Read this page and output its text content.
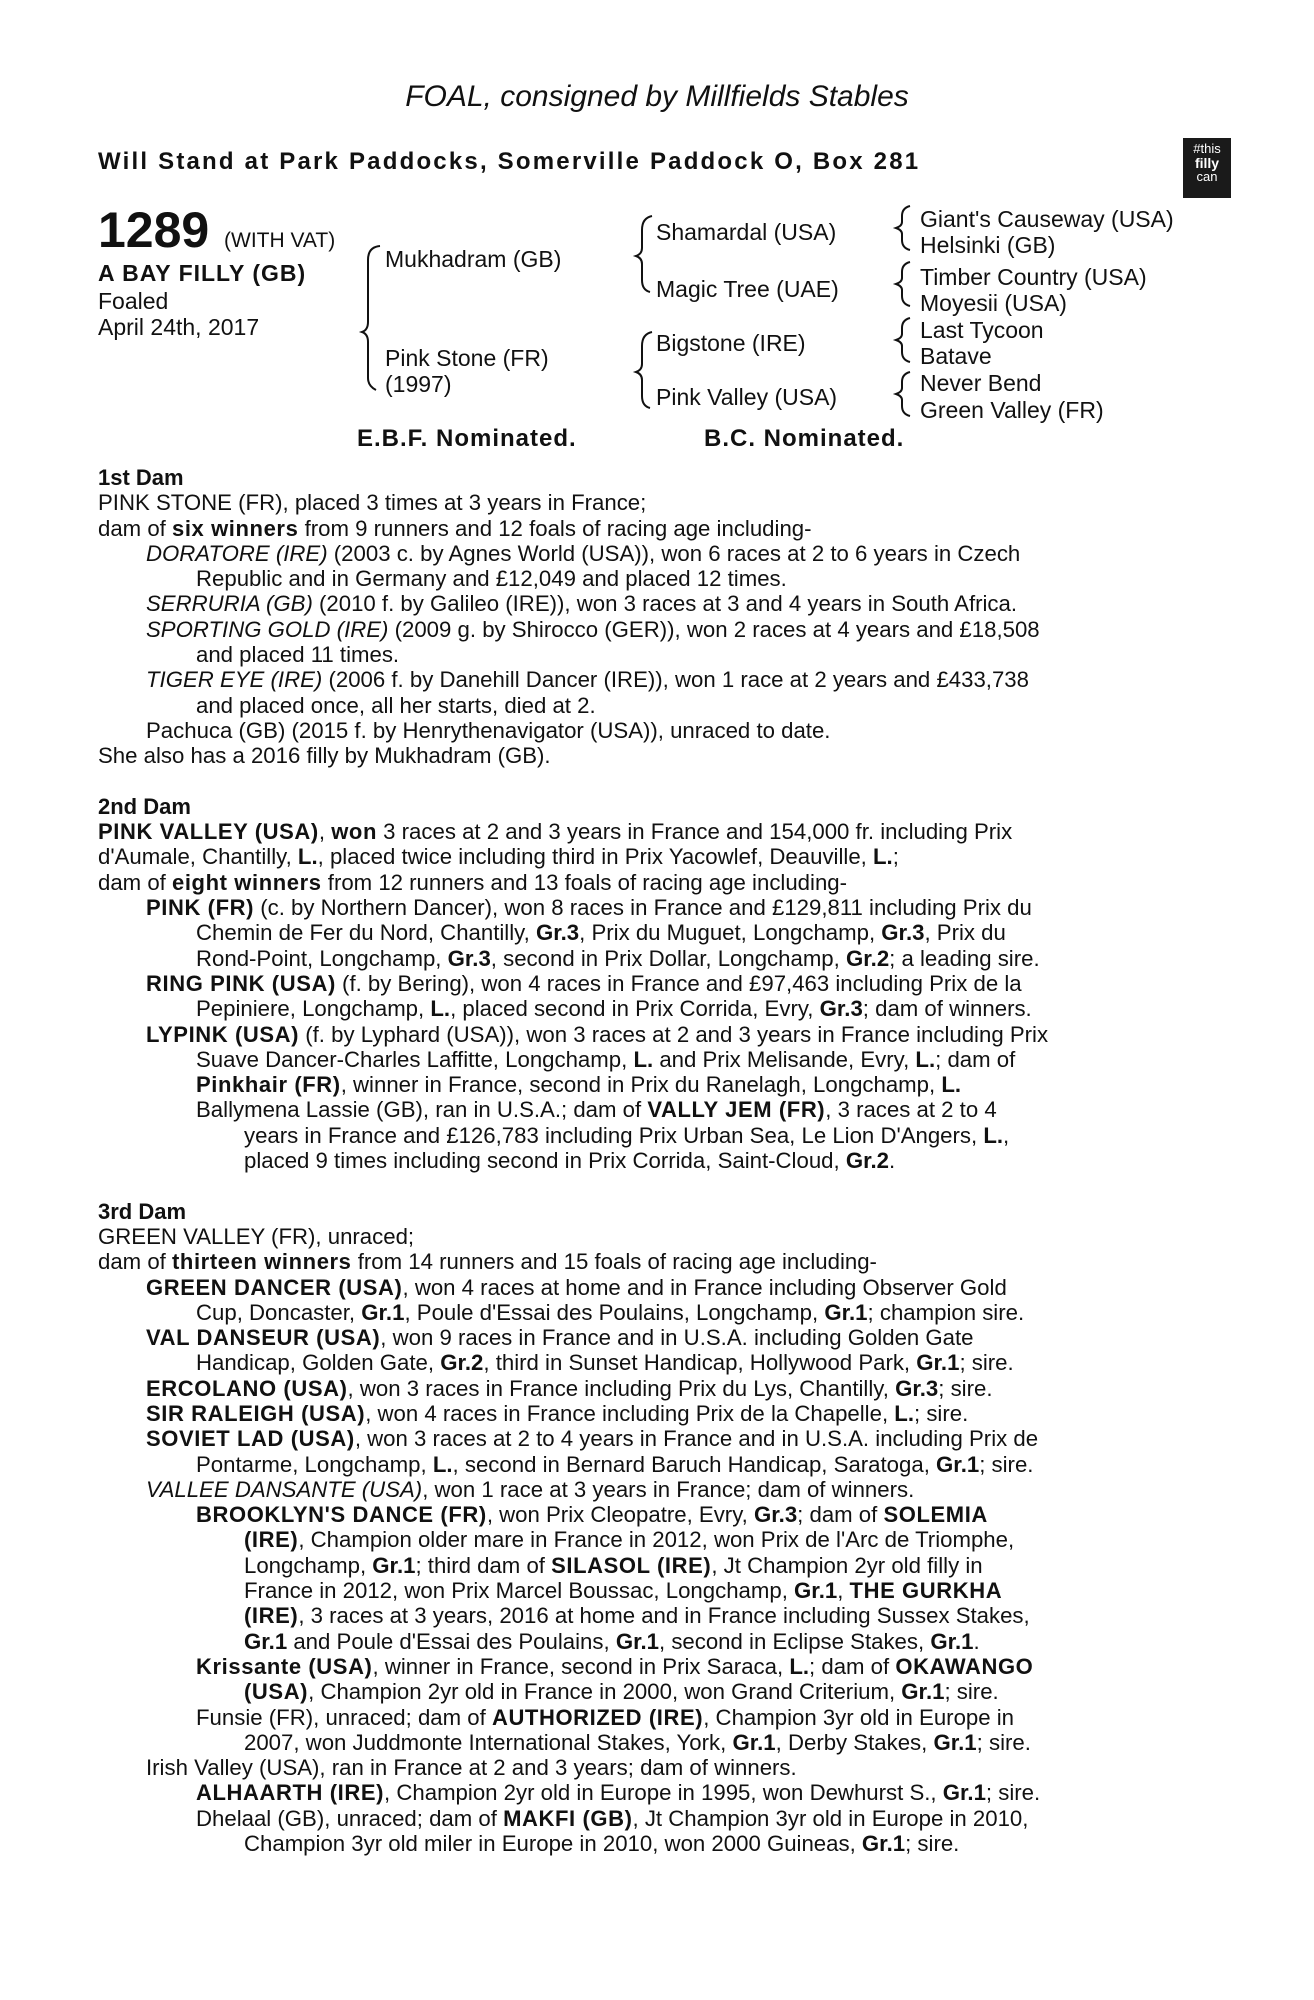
FOAL, consigned by Millfields Stables
Will Stand at Park Paddocks, Somerville Paddock O, Box 281	#this
filly
can
1289 (WITH VAT)
A BAY FILLY (GB)
Foaled
April 24th, 2017
Mukhadram (GB)
Pink Stone (FR)
(1997)
Shamardal (USA)
Magic Tree (UAE)
Bigstone (IRE)
Pink Valley (USA)
Giant's Causeway (USA)
Helsinki (GB)
Timber Country (USA)
Moyesii (USA)
Last Tycoon
Batave
Never Bend
Green Valley (FR)
E.B.F. Nominated.	B.C. Nominated.
1st Dam
PINK STONE (FR), placed 3 times at 3 years in France;
dam of six winners from 9 runners and 12 foals of racing age including-
DORATORE (IRE) (2003 c. by Agnes World (USA)), won 6 races at 2 to 6 years in Czech
Republic and in Germany and £12,049 and placed 12 times.
SERRURIA (GB) (2010 f. by Galileo (IRE)), won 3 races at 3 and 4 years in South Africa.
SPORTING GOLD (IRE) (2009 g. by Shirocco (GER)), won 2 races at 4 years and £18,508
and placed 11 times.
TIGER EYE (IRE) (2006 f. by Danehill Dancer (IRE)), won 1 race at 2 years and £433,738
and placed once, all her starts, died at 2.
Pachuca (GB) (2015 f. by Henrythenavigator (USA)), unraced to date.
She also has a 2016 filly by Mukhadram (GB).
2nd Dam
PINK VALLEY (USA), won 3 races at 2 and 3 years in France and 154,000 fr. including Prix
d'Aumale, Chantilly, L., placed twice including third in Prix Yacowlef, Deauville, L.;
dam of eight winners from 12 runners and 13 foals of racing age including-
PINK (FR) (c. by Northern Dancer), won 8 races in France and £129,811 including Prix du
Chemin de Fer du Nord, Chantilly, Gr.3, Prix du Muguet, Longchamp, Gr.3, Prix du
Rond-Point, Longchamp, Gr.3, second in Prix Dollar, Longchamp, Gr.2; a leading sire.
RING PINK (USA) (f. by Bering), won 4 races in France and £97,463 including Prix de la
Pepiniere, Longchamp, L., placed second in Prix Corrida, Evry, Gr.3; dam of winners.
LYPINK (USA) (f. by Lyphard (USA)), won 3 races at 2 and 3 years in France including Prix
Suave Dancer-Charles Laffitte, Longchamp, L. and Prix Melisande, Evry, L.; dam of
Pinkhair (FR), winner in France, second in Prix du Ranelagh, Longchamp, L.
Ballymena Lassie (GB), ran in U.S.A.; dam of VALLY JEM (FR), 3 races at 2 to 4
years in France and £126,783 including Prix Urban Sea, Le Lion D'Angers, L.,
placed 9 times including second in Prix Corrida, Saint-Cloud, Gr.2.
3rd Dam
GREEN VALLEY (FR), unraced;
dam of thirteen winners from 14 runners and 15 foals of racing age including-
GREEN DANCER (USA), won 4 races at home and in France including Observer Gold
Cup, Doncaster, Gr.1, Poule d'Essai des Poulains, Longchamp, Gr.1; champion sire.
VAL DANSEUR (USA), won 9 races in France and in U.S.A. including Golden Gate
Handicap, Golden Gate, Gr.2, third in Sunset Handicap, Hollywood Park, Gr.1; sire.
ERCOLANO (USA), won 3 races in France including Prix du Lys, Chantilly, Gr.3; sire.
SIR RALEIGH (USA), won 4 races in France including Prix de la Chapelle, L.; sire.
SOVIET LAD (USA), won 3 races at 2 to 4 years in France and in U.S.A. including Prix de
Pontarme, Longchamp, L., second in Bernard Baruch Handicap, Saratoga, Gr.1; sire.
VALLEE DANSANTE (USA), won 1 race at 3 years in France; dam of winners.
BROOKLYN'S DANCE (FR), won Prix Cleopatre, Evry, Gr.3; dam of SOLEMIA
(IRE), Champion older mare in France in 2012, won Prix de l'Arc de Triomphe,
Longchamp, Gr.1; third dam of SILASOL (IRE), Jt Champion 2yr old filly in
France in 2012, won Prix Marcel Boussac, Longchamp, Gr.1, THE GURKHA
(IRE), 3 races at 3 years, 2016 at home and in France including Sussex Stakes,
Gr.1 and Poule d'Essai des Poulains, Gr.1, second in Eclipse Stakes, Gr.1.
Krissante (USA), winner in France, second in Prix Saraca, L.; dam of OKAWANGO
(USA), Champion 2yr old in France in 2000, won Grand Criterium, Gr.1; sire.
Funsie (FR), unraced; dam of AUTHORIZED (IRE), Champion 3yr old in Europe in
2007, won Juddmonte International Stakes, York, Gr.1, Derby Stakes, Gr.1; sire.
Irish Valley (USA), ran in France at 2 and 3 years; dam of winners.
ALHAARTH (IRE), Champion 2yr old in Europe in 1995, won Dewhurst S., Gr.1; sire.
Dhelaal (GB), unraced; dam of MAKFI (GB), Jt Champion 3yr old in Europe in 2010,
Champion 3yr old miler in Europe in 2010, won 2000 Guineas, Gr.1; sire.
